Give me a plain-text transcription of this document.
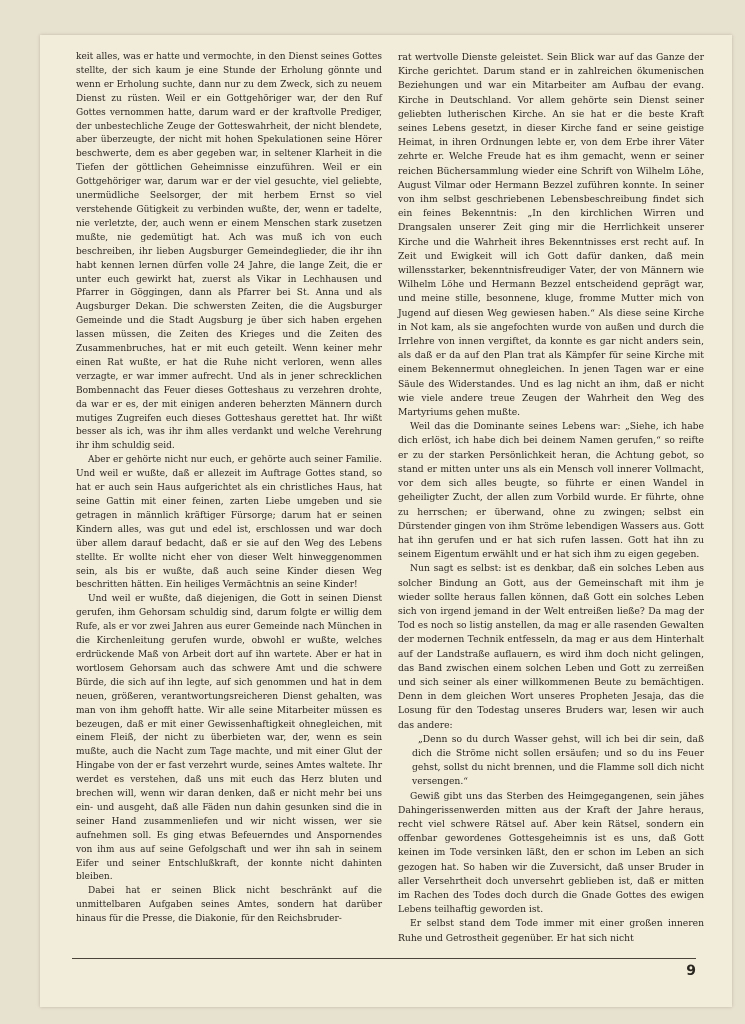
keit alles, was er hatte und vermochte, in den Dienst seines Gottes stellte, der sich kaum je eine Stunde der Erholung gönnte und wenn er Erholung suchte, dann nur zu dem Zweck, sich zu neuem Dienst zu rüsten. Weil er ein Gottgehöriger war, der den Ruf Gottes vernommen hatte, darum ward er der kraftvolle Prediger, der unbestechliche Zeuge der Gotteswahrheit, der nicht blendete, aber überzeugte, der nicht mit hohen Spekulationen seine Hörer beschwerte, dem es aber gegeben war, in seltener Klarheit in die Tiefen der göttlichen Geheimnisse einzuführen. Weil er ein Gottgehöriger war, darum war er der viel gesuchte, viel geliebte, unermüdliche Seelsorger, der mit herbem Ernst so viel verstehende Gütigkeit zu verbinden wußte, der, wenn er tadelte, nie verletzte, der, auch wenn er einem Menschen stark zusetzen mußte, nie gedemütigt hat. Ach was muß ich von euch beschreiben, ihr lieben Augsburger Gemeindeglieder, die ihr ihn habt kennen lernen dürfen volle 24 Jahre, die lange Zeit, die er unter euch gewirkt hat, zuerst als Vikar in Lechhausen und Pfarrer in Göggingen, dann als Pfarrer bei St. Anna und als Augsburger Dekan. Die schwersten Zeiten, die die Augsburger Gemeinde und die Stadt Augsburg je über sich haben ergehen lassen müssen, die Zeiten des Krieges und die Zeiten des Zusammenbruches, hat er mit euch geteilt. Wenn keiner mehr einen Rat wußte, er hat die Ruhe nicht verloren, wenn alles verzagte, er war immer aufrecht. Und als in jener schrecklichen Bombennacht das Feuer dieses Gotteshaus zu verzehren drohte, da war er es, der mit einigen anderen beherzten Männern durch mutiges Zugreifen euch dieses Gotteshaus gerettet hat. Ihr wißt besser als ich, was ihr ihm alles verdankt und welche Verehrung ihr ihm schuldig seid.

Aber er gehörte nicht nur euch, er gehörte auch seiner Familie. Und weil er wußte, daß er allezeit im Auftrage Gottes stand, so hat er auch sein Haus aufgerichtet als ein christliches Haus, hat seine Gattin mit einer feinen, zarten Liebe umgeben und sie getragen in männlich kräftiger Fürsorge; darum hat er seinen Kindern alles, was gut und edel ist, erschlossen und war doch über allem darauf bedacht, daß er sie auf den Weg des Lebens stellte. Er wollte nicht eher von dieser Welt hinweggenommen sein, als bis er wußte, daß auch seine Kinder diesen Weg beschritten hätten. Ein heiliges Vermächtnis an seine Kinder!

Und weil er wußte, daß diejenigen, die Gott in seinen Dienst gerufen, ihm Gehorsam schuldig sind, darum folgte er willig dem Rufe, als er vor zwei Jahren aus eurer Gemeinde nach München in die Kirchenleitung gerufen wurde, obwohl er wußte, welches erdrückende Maß von Arbeit dort auf ihn wartete. Aber er hat in wortlosem Gehorsam auch das schwere Amt und die schwere Bürde, die sich auf ihn legte, auf sich genommen und hat in dem neuen, größeren, verantwortungsreicheren Dienst gehalten, was man von ihm gehofft hatte. Wir alle seine Mitarbeiter müssen es bezeugen, daß er mit einer Gewissenhaftigkeit ohnegleichen, mit einem Fleiß, der nicht zu überbieten war, der, wenn es sein mußte, auch die Nacht zum Tage machte, und mit einer Glut der Hingabe von der er fast verzehrt wurde, seines Amtes waltete. Ihr werdet es verstehen, daß uns mit euch das Herz bluten und brechen will, wenn wir daran denken, daß er nicht mehr bei uns ein- und ausgeht, daß alle Fäden nun dahin gesunken sind die in seiner Hand zusammenliefen und wir nicht wissen, wer sie aufnehmen soll. Es ging etwas Befeuerndes und Anspornendes von ihm aus auf seine Gefolgschaft und wer ihn sah in seinem Eifer und seiner Entschlußkraft, der konnte nicht dahinten bleiben.

Dabei hat er seinen Blick nicht beschränkt auf die unmittelbaren Aufgaben seines Amtes, sondern hat darüber hinaus für die Presse, die Diakonie, für den Reichsbruder-

rat wertvolle Dienste geleistet. Sein Blick war auf das Ganze der Kirche gerichtet. Darum stand er in zahlreichen ökumenischen Beziehungen und war ein Mitarbeiter am Aufbau der evang. Kirche in Deutschland. Vor allem gehörte sein Dienst seiner geliebten lutherischen Kirche. An sie hat er die beste Kraft seines Lebens gesetzt, in dieser Kirche fand er seine geistige Heimat, in ihren Ordnungen lebte er, von dem Erbe ihrer Väter zehrte er. Welche Freude hat es ihm gemacht, wenn er seiner reichen Büchersammlung wieder eine Schrift von Wilhelm Löhe, August Vilmar oder Hermann Bezzel zuführen konnte. In seiner von ihm selbst geschriebenen Lebensbeschreibung findet sich ein feines Bekenntnis: „In den kirchlichen Wirren und Drangsalen unserer Zeit ging mir die Herrlichkeit unserer Kirche und die Wahrheit ihres Bekenntnisses erst recht auf. In Zeit und Ewigkeit will ich Gott dafür danken, daß mein willensstarker, bekenntnisfreudiger Vater, der von Männern wie Wilhelm Löhe und Hermann Bezzel entscheidend geprägt war, und meine stille, besonnene, kluge, fromme Mutter mich von Jugend auf diesen Weg gewiesen haben.“ Als diese seine Kirche in Not kam, als sie angefochten wurde von außen und durch die Irrlehre von innen vergiftet, da konnte es gar nicht anders sein, als daß er da auf den Plan trat als Kämpfer für seine Kirche mit einem Bekennermut ohnegleichen. In jenen Tagen war er eine Säule des Widerstandes. Und es lag nicht an ihm, daß er nicht wie viele andere treue Zeugen der Wahrheit den Weg des Martyriums gehen mußte.

Weil das die Dominante seines Lebens war: „Siehe, ich habe dich erlöst, ich habe dich bei deinem Namen gerufen,“ so reifte er zu der starken Persönlichkeit heran, die Achtung gebot, so stand er mitten unter uns als ein Mensch voll innerer Vollmacht, vor dem sich alles beugte, so führte er einen Wandel in geheiligter Zucht, der allen zum Vorbild wurde. Er führte, ohne zu herrschen; er überwand, ohne zu zwingen; selbst ein Dürstender gingen von ihm Ströme lebendigen Wassers aus. Gott hat ihn gerufen und er hat sich rufen lassen. Gott hat ihn zu seinem Eigentum erwählt und er hat sich ihm zu eigen gegeben.

Nun sagt es selbst: ist es denkbar, daß ein solches Leben aus solcher Bindung an Gott, aus der Gemeinschaft mit ihm je wieder sollte heraus fallen können, daß Gott ein solches Leben sich von irgend jemand in der Welt entreißen ließe? Da mag der Tod es noch so listig anstellen, da mag er alle rasenden Gewalten der modernen Technik entfesseln, da mag er aus dem Hinterhalt auf der Landstraße auflauern, es wird ihm doch nicht gelingen, das Band zwischen einem solchen Leben und Gott zu zerreißen und sich seiner als einer willkommenen Beute zu bemächtigen. Denn in dem gleichen Wort unseres Propheten Jesaja, das die Losung für den Todestag unseres Bruders war, lesen wir auch das andere:

„Denn so du durch Wasser gehst, will ich bei dir sein, daß dich die Ströme nicht sollen ersäufen; und so du ins Feuer gehst, sollst du nicht brennen, und die Flamme soll dich nicht versengen.“

Gewiß gibt uns das Sterben des Heimgegangenen, sein jähes Dahingerissenwerden mitten aus der Kraft der Jahre heraus, recht viel schwere Rätsel auf. Aber kein Rätsel, sondern ein offenbar gewordenes Gottesgeheimnis ist es uns, daß Gott keinen im Tode versinken läßt, den er schon im Leben an sich gezogen hat. So haben wir die Zuversicht, daß unser Bruder in aller Versehrtheit doch unversehrt geblieben ist, daß er mitten im Rachen des Todes doch durch die Gnade Gottes des ewigen Lebens teilhaftig geworden ist.

Er selbst stand dem Tode immer mit einer großen inneren Ruhe und Getrostheit gegenüber. Er hat sich nicht

9
